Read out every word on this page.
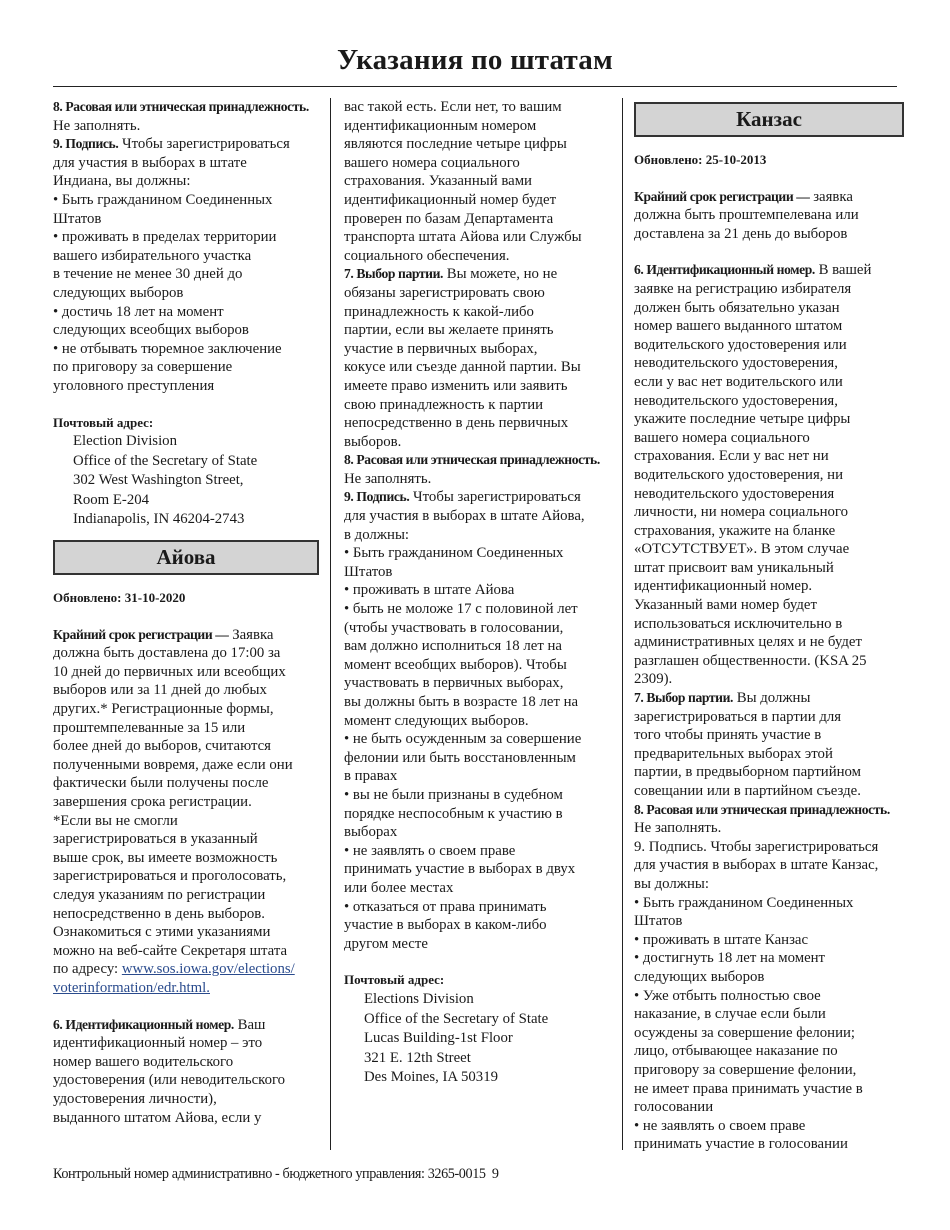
Указания по штатам

8. Расовая или этническая принадлежность.

Не заполнять.

9. Подпись. Чтобы зарегистрироваться

для участия в выборах в штате

Индиана, вы должны:

• Быть гражданином Соединенных

Штатов

• проживать в пределах территории

вашего избирательного участка

в течение не менее 30 дней до

следующих выборов

• достичь 18 лет на момент

следующих всеобщих выборов

• не отбывать тюремное заключение

по приговору за совершение

уголовного преступления

Почтовый адрес:

Election Division

Office of the Secretary of State

302 West Washington Street,

Room E-204

Indianapolis, IN 46204-2743

Айова

Обновлено: 31-10-2020

Крайний срок регистрации — Заявка

должна быть доставлена до 17:00 за

10 дней до первичных или всеобщих

выборов или за 11 дней до любых

других.* Регистрационные формы,

проштемпелеванные за 15 или

более дней до выборов, считаются

полученными вовремя, даже если они

фактически были получены после

завершения срока регистрации.

*Если вы не смогли

зарегистрироваться в указанный

выше срок, вы имеете возможность

зарегистрироваться и проголосовать,

следуя указаниям по регистрации

непосредственно в день выборов.

Ознакомиться с этими указаниями

можно на веб-сайте Секретаря штата

по адресу: www.sos.iowa.gov/elections/

voterinformation/edr.html.

6. Идентификационный номер. Ваш

идентификационный номер – это

номер вашего водительского

удостоверения (или неводительского

удостоверения личности),

выданного штатом Айова, если у

вас такой есть. Если нет, то вашим

идентификационным номером

являются последние четыре цифры

вашего номера социального

страхования. Указанный вами

идентификационный номер будет

проверен по базам Департамента

транспорта штата Айова или Службы

социального обеспечения.

7. Выбор партии. Вы можете, но не

обязаны зарегистрировать свою

принадлежность к какой-либо

партии, если вы желаете принять

участие в первичных выборах,

кокусе или съезде данной партии. Вы

имеете право изменить или заявить

свою принадлежность к партии

непосредственно в день первичных

выборов.

8. Расовая или этническая принадлежность.

Не заполнять.

9. Подпись. Чтобы зарегистрироваться

для участия в выборах в штате Айова,

в должны:

• Быть гражданином Соединенных

Штатов

• проживать в штате Айова

• быть не моложе 17 с половиной лет

(чтобы участвовать в голосовании,

вам должно исполниться 18 лет на

момент всеобщих выборов). Чтобы

участвовать в первичных выборах,

вы должны быть в возрасте 18 лет на

момент следующих выборов.

• не быть осужденным за совершение

фелонии или быть восстановленным

в правах

• вы не были признаны в судебном

порядке неспособным к участию в

выборах

• не заявлять о своем праве

принимать участие в выборах в двух

или более местах

• отказаться от права принимать

участие в выборах в каком-либо

другом месте

Почтовый адрес:

Elections Division

Office of the Secretary of State

Lucas Building-1st Floor

321 E. 12th Street

Des Moines, IA 50319

Канзас

Обновлено: 25-10-2013

Крайний срок регистрации — заявка

должна быть проштемпелевана или

доставлена за 21 день до выборов

6. Идентификационный номер. В вашей

заявке на регистрацию избирателя

должен быть обязательно указан

номер вашего выданного штатом

водительского удостоверения или

неводительского удостоверения,

если у вас нет водительского или

неводительского удостоверения,

укажите последние четыре цифры

вашего номера социального

страхования. Если у вас нет ни

водительского удостоверения, ни

неводительского удостоверения

личности, ни номера социального

страхования, укажите на бланке

«ОТСУТСТВУЕТ». В этом случае

штат присвоит вам уникальный

идентификационный номер.

Указанный вами номер будет

использоваться исключительно в

административных целях и не будет

разглашен общественности. (KSA 25

2309).

7. Выбор партии. Вы должны

зарегистрироваться в партии для

того чтобы принять участие в

предварительных выборах этой

партии, в предвыборном партийном

совещании или в партийном съезде.

8. Расовая или этническая принадлежность.

Не заполнять.

9. Подпись. Чтобы зарегистрироваться

для участия в выборах в штате Канзас,

вы должны:

• Быть гражданином Соединенных

Штатов

• проживать в штате Канзас

• достигнуть 18 лет на момент

следующих выборов

• Уже отбыть полностью свое

наказание, в случае если были

осуждены за совершение фелонии;

лицо, отбывающее наказание по

приговору за совершение фелонии,

не имеет права принимать участие в

голосовании

• не заявлять о своем праве

принимать участие в голосовании

Контрольный номер административно - бюджетного управления: 3265-0015 9
